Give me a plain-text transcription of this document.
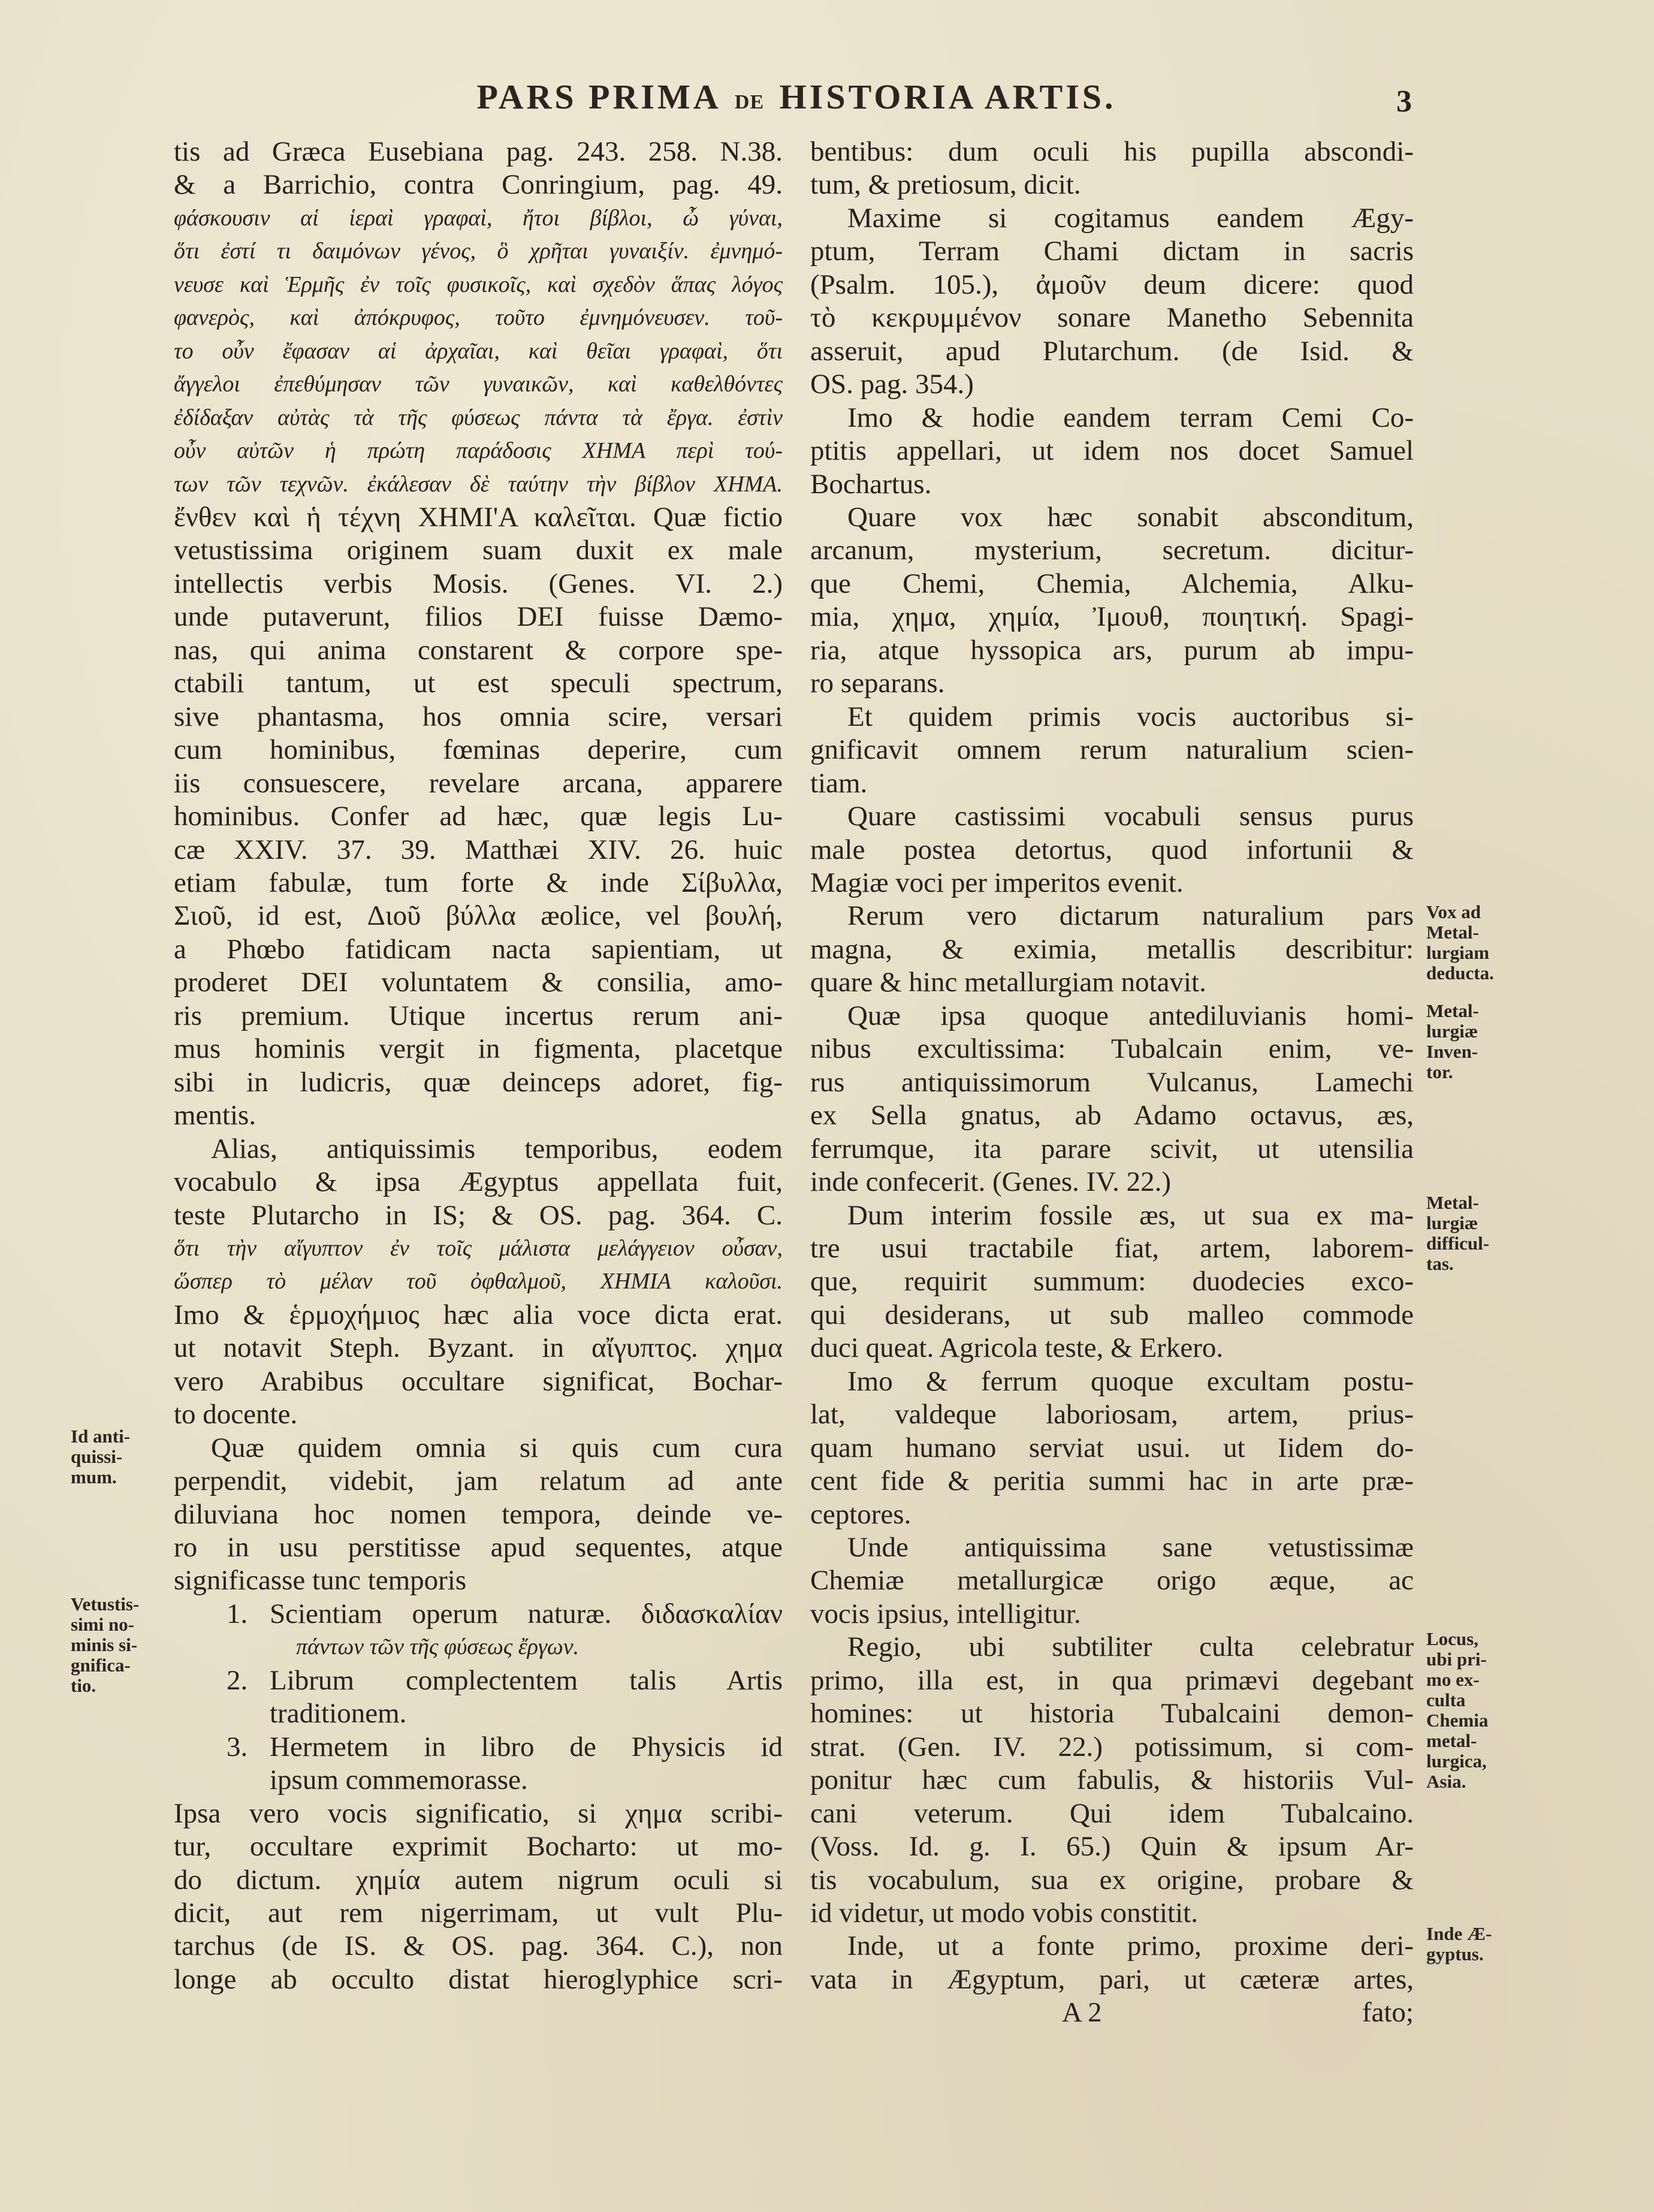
PARS PRIMA DE HISTORIA ARTIS.	3
tis ad Græca Eusebiana pag. 243. 258. N.38.
& a Barrichio, contra Conringium, pag. 49.
φάσκουσιν αἱ ἱεραὶ γραφαὶ, ἤτοι βίβλοι, ὦ γύναι,
ὅτι ἐστί τι δαιμόνων γένος, ὃ χρῆται γυναιξίν. ἐμνημό-
νευσε καὶ Ἑρμῆς ἐν τοῖς φυσικοῖς, καὶ σχεδὸν ἅπας λόγος
φανερὸς, καὶ ἀπόκρυφος, τοῦτο ἐμνημόνευσεν. τοῦ-
το οὖν ἔφασαν αἱ ἀρχαῖαι, καὶ θεῖαι γραφαὶ, ὅτι
ἄγγελοι ἐπεθύμησαν τῶν γυναικῶν, καὶ καθελθόντες
ἐδίδαξαν αὐτὰς τὰ τῆς φύσεως πάντα τὰ ἔργα. ἐστὶν
οὖν αὐτῶν ἡ πρώτη παράδοσις ΧΗΜΑ περὶ τού-
των τῶν τεχνῶν. ἐκάλεσαν δὲ ταύτην τὴν βίβλον ΧΗΜΑ.
ἔνθεν καὶ ἡ τέχνη ΧΗΜΙ'Α καλεῖται. Quæ fictio
vetustissima originem suam duxit ex male
intellectis verbis Mosis. (Genes. VI. 2.)
unde putaverunt, filios DEI fuisse Dæmo-
nas, qui anima constarent & corpore spe-
ctabili tantum, ut est speculi spectrum,
sive phantasma, hos omnia scire, versari
cum hominibus, fœminas deperire, cum
iis consuescere, revelare arcana, apparere
hominibus. Confer ad hæc, quæ legis Lu-
cæ XXIV. 37. 39. Matthæi XIV. 26. huic
etiam fabulæ, tum forte & inde Σίβυλλα,
Σιοῦ, id est, Διοῦ βύλλα æolice, vel βουλή,
a Phœbo fatidicam nacta sapientiam, ut
proderet DEI voluntatem & consilia, amo-
ris premium. Utique incertus rerum ani-
mus hominis vergit in figmenta, placetque
sibi in ludicris, quæ deinceps adoret, fig-
mentis.
Alias, antiquissimis temporibus, eodem
vocabulo & ipsa Ægyptus appellata fuit,
teste Plutarcho in IS; & OS. pag. 364. C.
ὅτι τὴν αἴγυπτον ἐν τοῖς μάλιστα μελάγγειον οὖσαν,
ὥσπερ τὸ μέλαν τοῦ ὀφθαλμοῦ, ΧΗΜΙΑ καλοῦσι.
Imo & ἑρμοχήμιος hæc alia voce dicta erat.
ut notavit Steph. Byzant. in αἴγυπτος. χημα
vero Arabibus occultare significat, Bochar-
to docente.
Quæ quidem omnia si quis cum cura
perpendit, videbit, jam relatum ad ante
diluviana hoc nomen tempora, deinde ve-
ro in usu perstitisse apud sequentes, atque
significasse tunc temporis
1. Scientiam operum naturæ. διδασκαλίαν
πάντων τῶν τῆς φύσεως ἔργων.
2. Librum complectentem talis Artis
traditionem.
3. Hermetem in libro de Physicis id
ipsum commemorasse.
Ipsa vero vocis significatio, si χημα scribi-
tur, occultare exprimit Bocharto: ut mo-
do dictum. χημία autem nigrum oculi si
dicit, aut rem nigerrimam, ut vult Plu-
tarchus (de IS. & OS. pag. 364. C.), non
longe ab occulto distat hieroglyphice scri-
bentibus: dum oculi his pupilla abscondi-
tum, & pretiosum, dicit.
Maxime si cogitamus eandem Ægy-
ptum, Terram Chami dictam in sacris
(Psalm. 105.), ἀμοῦν deum dicere: quod
τὸ κεκρυμμένον sonare Manetho Sebennita
asseruit, apud Plutarchum. (de Isid. &
OS. pag. 354.)
Imo & hodie eandem terram Cemi Co-
ptitis appellari, ut idem nos docet Samuel
Bochartus.
Quare vox hæc sonabit absconditum,
arcanum, mysterium, secretum. dicitur-
que Chemi, Chemia, Alchemia, Alku-
mia, χημα, χημία, Ἰμουθ, ποιητική. Spagi-
ria, atque hyssopica ars, purum ab impu-
ro separans.
Et quidem primis vocis auctoribus si-
gnificavit omnem rerum naturalium scien-
tiam.
Quare castissimi vocabuli sensus purus
male postea detortus, quod infortunii &
Magiæ voci per imperitos evenit.
Rerum vero dictarum naturalium pars
magna, & eximia, metallis describitur:
quare & hinc metallurgiam notavit.
Quæ ipsa quoque antediluvianis homi-
nibus excultissima: Tubalcain enim, ve-
rus antiquissimorum Vulcanus, Lamechi
ex Sella gnatus, ab Adamo octavus, æs,
ferrumque, ita parare scivit, ut utensilia
inde confecerit. (Genes. IV. 22.)
Dum interim fossile æs, ut sua ex ma-
tre usui tractabile fiat, artem, laborem-
que, requirit summum: duodecies exco-
qui desiderans, ut sub malleo commode
duci queat. Agricola teste, & Erkero.
Imo & ferrum quoque excultam postu-
lat, valdeque laboriosam, artem, prius-
quam humano serviat usui. ut Iidem do-
cent fide & peritia summi hac in arte præ-
ceptores.
Unde antiquissima sane vetustissimæ
Chemiæ metallurgicæ origo æque, ac
vocis ipsius, intelligitur.
Regio, ubi subtiliter culta celebratur
primo, illa est, in qua primævi degebant
homines: ut historia Tubalcaini demon-
strat. (Gen. IV. 22.) potissimum, si com-
ponitur hæc cum fabulis, & historiis Vul-
cani veterum. Qui idem Tubalcaino.
(Voss. Id. g. I. 65.) Quin & ipsum Ar-
tis vocabulum, sua ex origine, probare &
id videtur, ut modo vobis constitit.
Inde, ut a fonte primo, proxime deri-
vata in Ægyptum, pari, ut cæteræ artes,
A 2	fato;
Id anti-
quissi-
mum.
Vetustis-
simi no-
minis si-
gnifica-
tio.
Vox ad
Metal-
lurgiam
deducta.
Metal-
lurgiæ
Inven-
tor.
Metal-
lurgiæ
difficul-
tas.
Locus,
ubi pri-
mo ex-
culta
Chemia
metal-
lurgica,
Asia.
Inde Æ-
gyptus.
